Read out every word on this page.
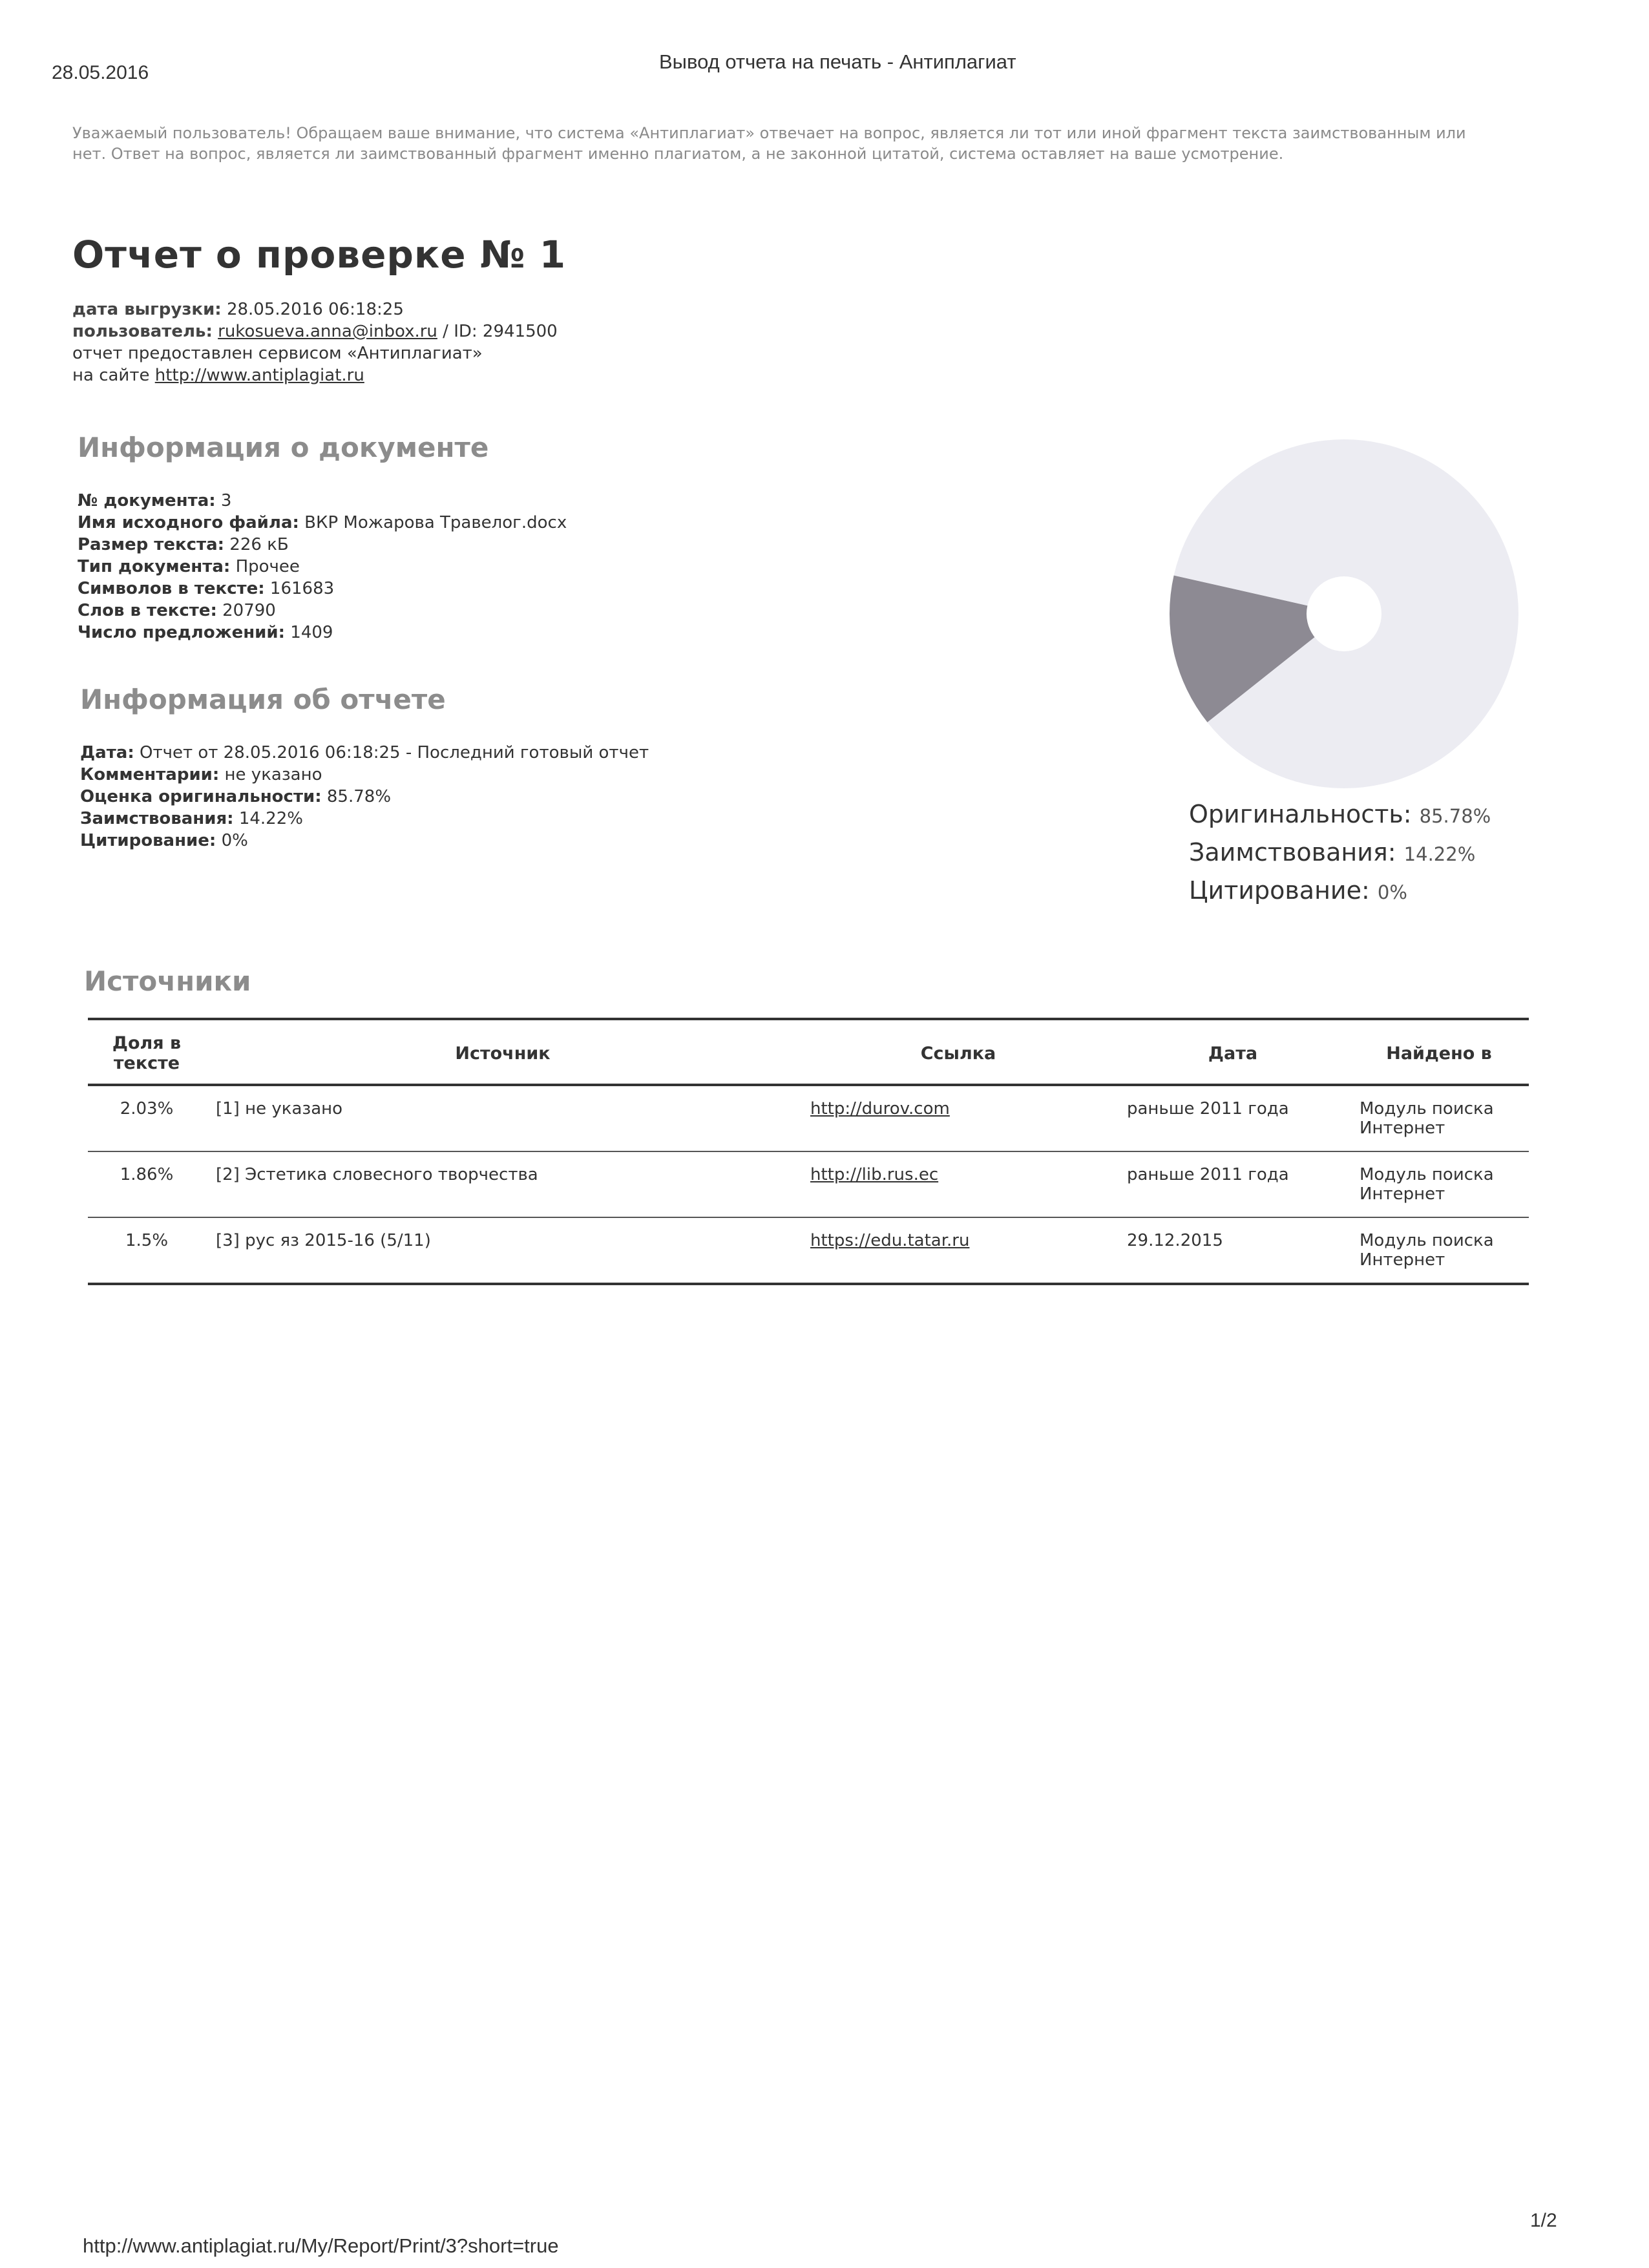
28.05.2016	Вывод отчета на печать - Антиплагиат
Уважаемый пользователь! Обращаем ваше внимание, что система «Антиплагиат» отвечает на вопрос, является ли тот или иной фрагмент текста заимствованным или нет. Ответ на вопрос, является ли заимствованный фрагмент именно плагиатом, а не законной цитатой, система оставляет на ваше усмотрение.
Отчет о проверке № 1
дата выгрузки: 28.05.2016 06:18:25
пользователь: rukosueva.anna@inbox.ru / ID: 2941500
отчет предоставлен сервисом «Антиплагиат»
на сайте http://www.antiplagiat.ru
Информация о документе
№ документа: 3
Имя исходного файла: ВКР Можарова Травелог.docx
Размер текста: 226 кБ
Тип документа: Прочее
Символов в тексте: 161683
Слов в тексте: 20790
Число предложений: 1409
Информация об отчете
Дата: Отчет от 28.05.2016 06:18:25 - Последний готовый отчет
Комментарии: не указано
Оценка оригинальности: 85.78%
Заимствования: 14.22%
Цитирование: 0%
Оригинальность: 85.78%
Заимствования: 14.22%
Цитирование: 0%
Источники
Доля в тексте	Источник	Ссылка	Дата	Найдено в
2.03%	[1] не указано	http://durov.com	раньше 2011 года	Модуль поиска Интернет
1.86%	[2] Эстетика словесного творчества	http://lib.rus.ec	раньше 2011 года	Модуль поиска Интернет
1.5%	[3] рус яз 2015-16 (5/11)	https://edu.tatar.ru	29.12.2015	Модуль поиска Интернет
http://www.antiplagiat.ru/My/Report/Print/3?short=true
1/2
